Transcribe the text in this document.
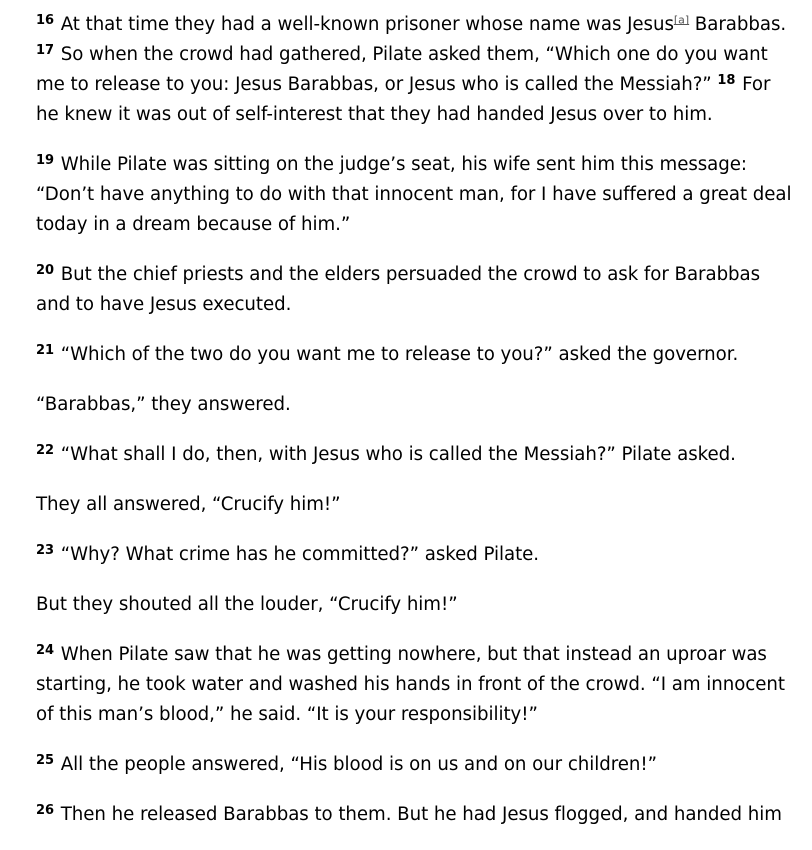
$^{16}$ At that time they had a well-known prisoner whose name was Jesus[a] Barabbas.
$^{17}$ So when the crowd had gathered, Pilate asked them, “Which one do you want me to release to you: Jesus Barabbas, or Jesus who is called the Messiah?” $^{18}$ For he knew it was out of self-interest that they had handed Jesus over to him.

$^{19}$ While Pilate was sitting on the judge’s seat, his wife sent him this message: “Don’t have anything to do with that innocent man, for I have suffered a great deal today in a dream because of him.”

$^{20}$ But the chief priests and the elders persuaded the crowd to ask for Barabbas and to have Jesus executed.

$^{21}$ “Which of the two do you want me to release to you?” asked the governor.

“Barabbas,” they answered.

$^{22}$ “What shall I do, then, with Jesus who is called the Messiah?” Pilate asked.

They all answered, “Crucify him!”

$^{23}$ “Why? What crime has he committed?” asked Pilate.

But they shouted all the louder, “Crucify him!”

$^{24}$ When Pilate saw that he was getting nowhere, but that instead an uproar was starting, he took water and washed his hands in front of the crowd. “I am innocent of this man’s blood,” he said. “It is your responsibility!”

$^{25}$ All the people answered, “His blood is on us and on our children!”

$^{26}$ Then he released Barabbas to them. But he had Jesus flogged, and handed him
